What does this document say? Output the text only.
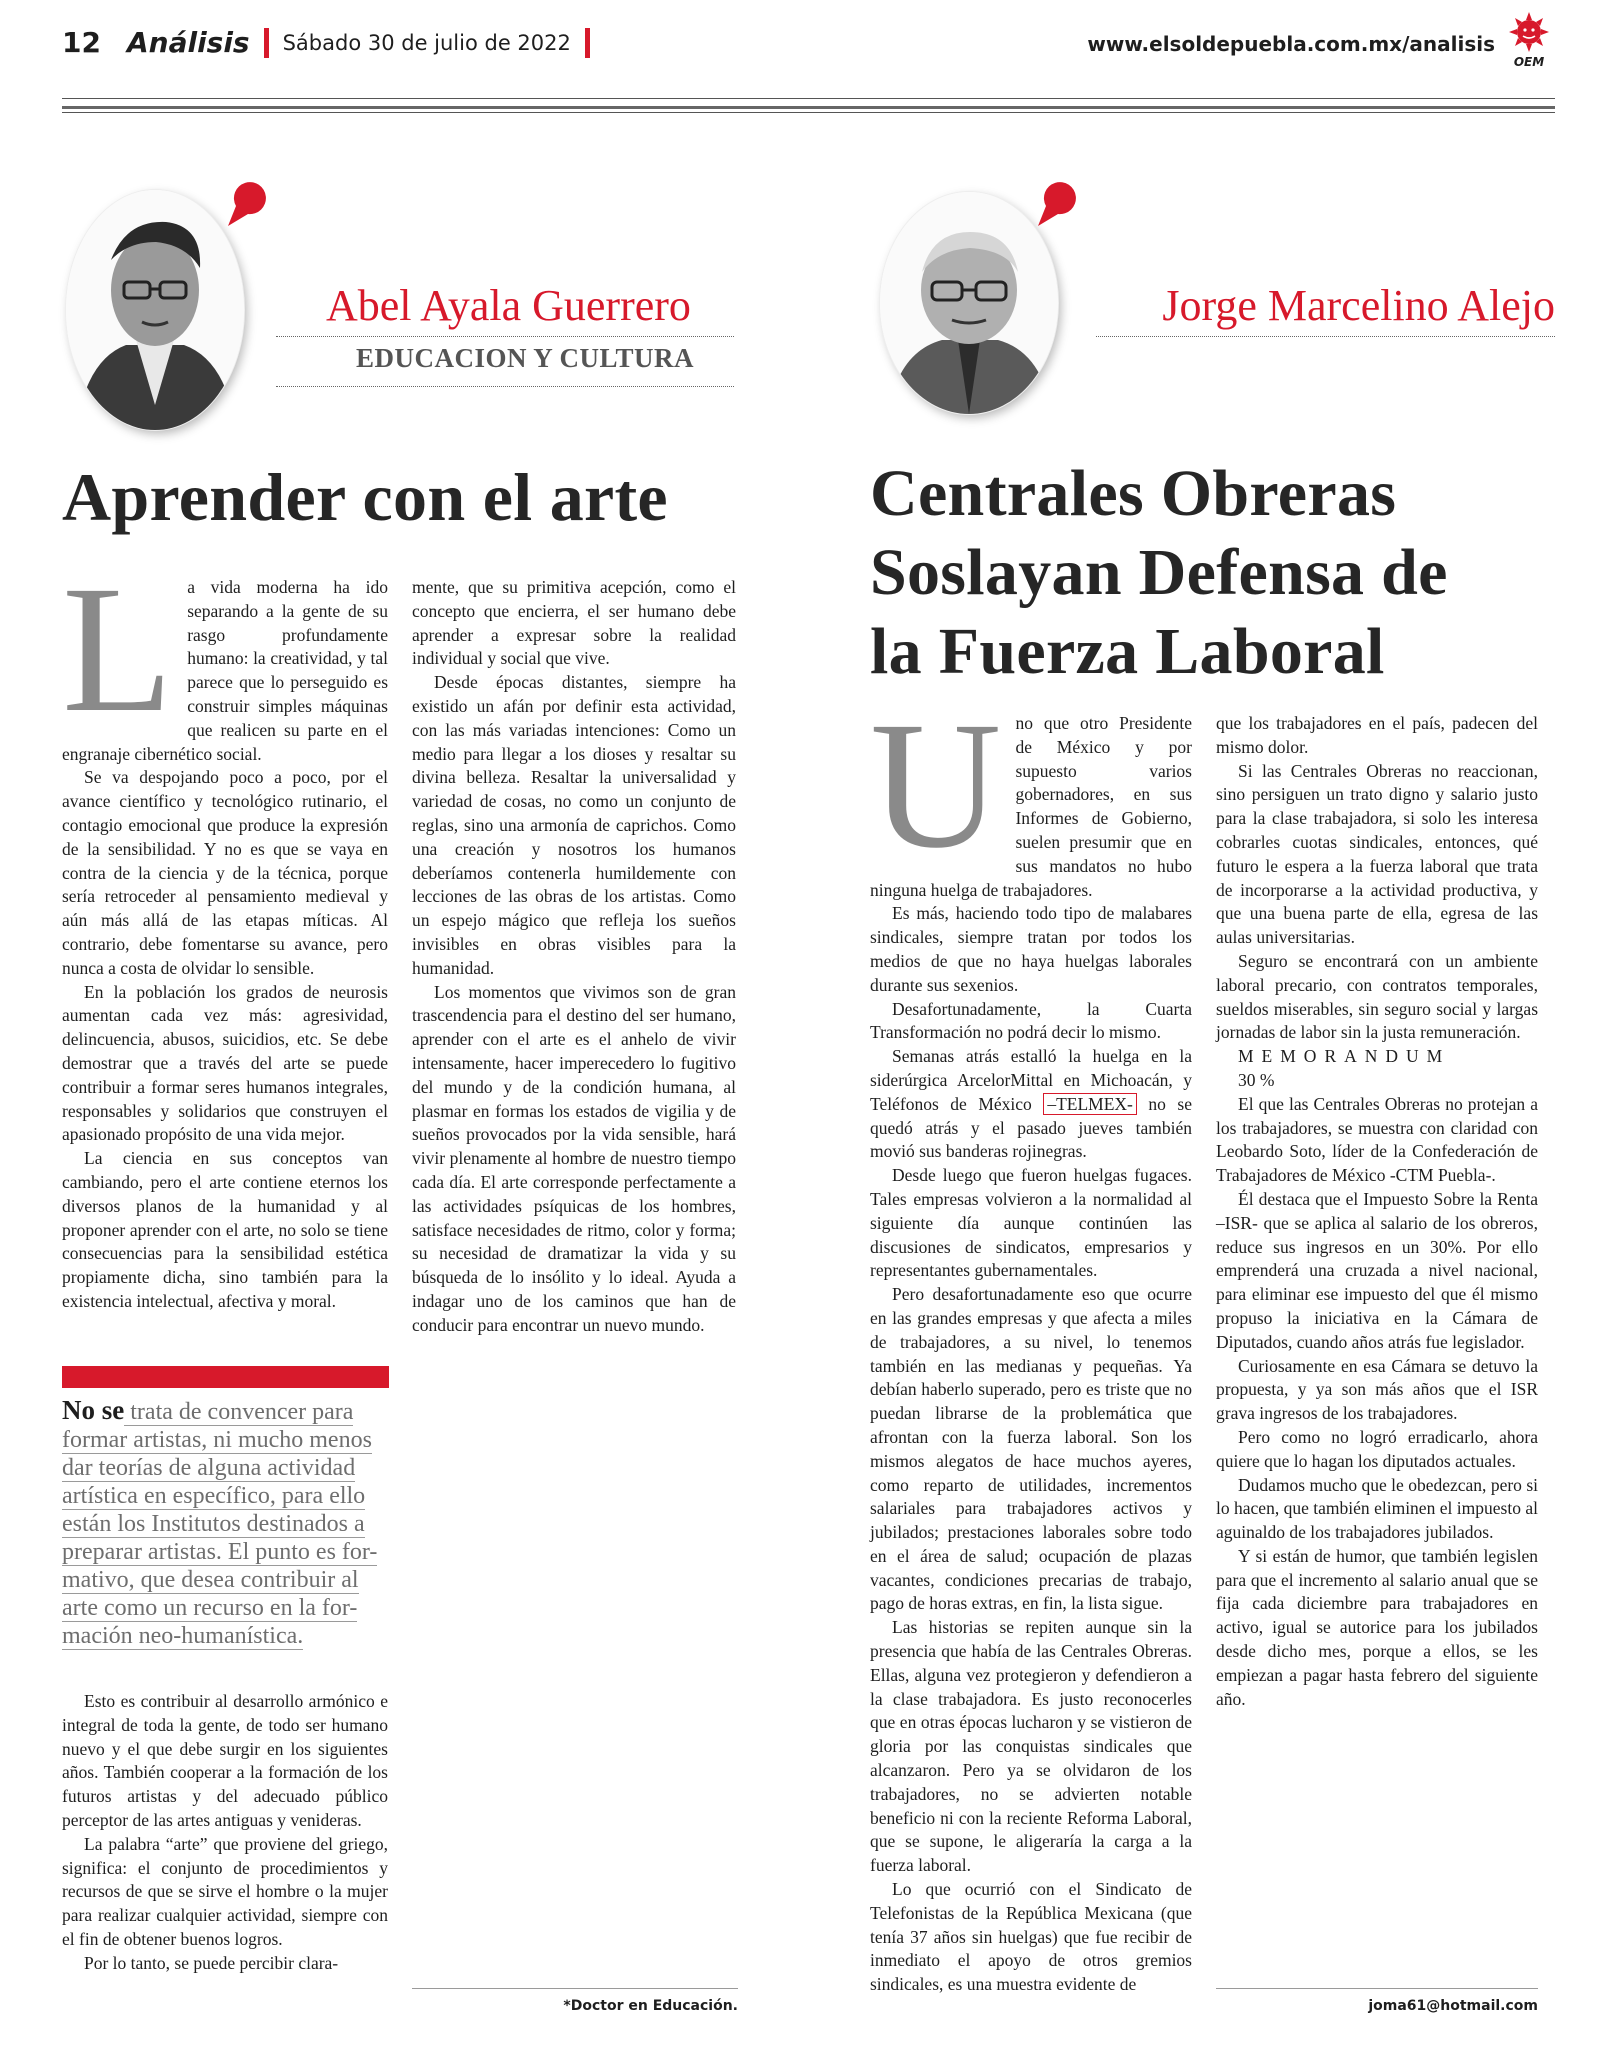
12 Análisis Sábado 30 de julio de 2022	www.elsoldepuebla.com.mx/analisis
OEM
Abel Ayala Guerrero
EDUCACION Y CULTURA
Aprender con el arte
L a vida moderna ha ido separando a la gente de su rasgo profundamente humano: la creatividad, y tal parece que lo perseguido es construir simples máquinas que realicen su parte en el engranaje cibernético social.

Se va despojando poco a poco, por el avance científico y tecnológico rutinario, el contagio emocional que produce la expresión de la sensibilidad. Y no es que se vaya en contra de la ciencia y de la técnica, porque sería retroceder al pensamiento medieval y aún más allá de las etapas míticas. Al contrario, debe fomentarse su avance, pero nunca a costa de olvidar lo sensible.

En la población los grados de neurosis aumentan cada vez más: agresividad, delincuencia, abusos, suicidios, etc. Se debe demostrar que a través del arte se puede contribuir a formar seres humanos integrales, responsables y solidarios que construyen el apasionado propósito de una vida mejor.

La ciencia en sus conceptos van cambiando, pero el arte contiene eternos los diversos planos de la humanidad y al proponer aprender con el arte, no solo se tiene consecuencias para la sensibilidad estética propiamente dicha, sino también para la existencia intelectual, afectiva y moral.

No se trata de convencer para
formar artistas, ni mucho menos
dar teorías de alguna actividad
artística en específico, para ello
están los Institutos destinados a
preparar artistas. El punto es for-
mativo, que desea contribuir al
arte como un recurso en la for-
mación neo-humanística.

Esto es contribuir al desarrollo armónico e integral de toda la gente, de todo ser humano nuevo y el que debe surgir en los siguientes años. También cooperar a la formación de los futuros artistas y del adecuado público perceptor de las artes antiguas y venideras.

La palabra “arte” que proviene del griego, significa: el conjunto de procedimientos y recursos de que se sirve el hombre o la mujer para realizar cualquier actividad, siempre con el fin de obtener buenos logros.

Por lo tanto, se puede percibir clara-

mente, que su primitiva acepción, como el concepto que encierra, el ser humano debe aprender a expresar sobre la realidad individual y social que vive.

Desde épocas distantes, siempre ha existido un afán por definir esta actividad, con las más variadas intenciones: Como un medio para llegar a los dioses y resaltar su divina belleza. Resaltar la universalidad y variedad de cosas, no como un conjunto de reglas, sino una armonía de caprichos. Como una creación y nosotros los humanos deberíamos contenerla humildemente con lecciones de las obras de los artistas. Como un espejo mágico que refleja los sueños invisibles en obras visibles para la humanidad.

Los momentos que vivimos son de gran trascendencia para el destino del ser humano, aprender con el arte es el anhelo de vivir intensamente, hacer imperecedero lo fugitivo del mundo y de la condición humana, al plasmar en formas los estados de vigilia y de sueños provocados por la vida sensible, hará vivir plenamente al hombre de nuestro tiempo cada día. El arte corresponde perfectamente a las actividades psíquicas de los hombres, satisface necesidades de ritmo, color y forma; su necesidad de dramatizar la vida y su búsqueda de lo insólito y lo ideal. Ayuda a indagar uno de los caminos que han de conducir para encontrar un nuevo mundo.

*Doctor en Educación.
Jorge Marcelino Alejo
Centrales Obreras
Soslayan Defensa de
la Fuerza Laboral
U no que otro Presidente de México y por supuesto varios gobernadores, en sus Informes de Gobierno, suelen presumir que en sus mandatos no hubo ninguna huelga de trabajadores.

Es más, haciendo todo tipo de malabares sindicales, siempre tratan por todos los medios de que no haya huelgas laborales durante sus sexenios.

Desafortunadamente, la Cuarta Transformación no podrá decir lo mismo.

Semanas atrás estalló la huelga en la siderúrgica ArcelorMittal en Michoacán, y Teléfonos de México –TELMEX- no se quedó atrás y el pasado jueves también movió sus banderas rojinegras.

Desde luego que fueron huelgas fugaces. Tales empresas volvieron a la normalidad al siguiente día aunque continúen las discusiones de sindicatos, empresarios y representantes gubernamentales.

Pero desafortunadamente eso que ocurre en las grandes empresas y que afecta a miles de trabajadores, a su nivel, lo tenemos también en las medianas y pequeñas. Ya debían haberlo superado, pero es triste que no puedan librarse de la problemática que afrontan con la fuerza laboral. Son los mismos alegatos de hace muchos ayeres, como reparto de utilidades, incrementos salariales para trabajadores activos y jubilados; prestaciones laborales sobre todo en el área de salud; ocupación de plazas vacantes, condiciones precarias de trabajo, pago de horas extras, en fin, la lista sigue.

Las historias se repiten aunque sin la presencia que había de las Centrales Obreras. Ellas, alguna vez protegieron y defendieron a la clase trabajadora. Es justo reconocerles que en otras épocas lucharon y se vistieron de gloria por las conquistas sindicales que alcanzaron. Pero ya se olvidaron de los trabajadores, no se advierten notable beneficio ni con la reciente Reforma Laboral, que se supone, le aligeraría la carga a la fuerza laboral.

Lo que ocurrió con el Sindicato de Telefonistas de la República Mexicana (que tenía 37 años sin huelgas) que fue recibir de inmediato el apoyo de otros gremios sindicales, es una muestra evidente de

que los trabajadores en el país, padecen del mismo dolor.

Si las Centrales Obreras no reaccionan, sino persiguen un trato digno y salario justo para la clase trabajadora, si solo les interesa cobrarles cuotas sindicales, entonces, qué futuro le espera a la fuerza laboral que trata de incorporarse a la actividad productiva, y que una buena parte de ella, egresa de las aulas universitarias.

Seguro se encontrará con un ambiente laboral precario, con contratos temporales, sueldos miserables, sin seguro social y largas jornadas de labor sin la justa remuneración.

MEMORANDUM

30 %

El que las Centrales Obreras no protejan a los trabajadores, se muestra con claridad con Leobardo Soto, líder de la Confederación de Trabajadores de México -CTM Puebla-.

Él destaca que el Impuesto Sobre la Renta –ISR- que se aplica al salario de los obreros, reduce sus ingresos en un 30%. Por ello emprenderá una cruzada a nivel nacional, para eliminar ese impuesto del que él mismo propuso la iniciativa en la Cámara de Diputados, cuando años atrás fue legislador.

Curiosamente en esa Cámara se detuvo la propuesta, y ya son más años que el ISR grava ingresos de los trabajadores.

Pero como no logró erradicarlo, ahora quiere que lo hagan los diputados actuales.

Dudamos mucho que le obedezcan, pero si lo hacen, que también eliminen el impuesto al aguinaldo de los trabajadores jubilados.

Y si están de humor, que también legislen para que el incremento al salario anual que se fija cada diciembre para trabajadores en activo, igual se autorice para los jubilados desde dicho mes, porque a ellos, se les empiezan a pagar hasta febrero del siguiente año.

joma61@hotmail.com
